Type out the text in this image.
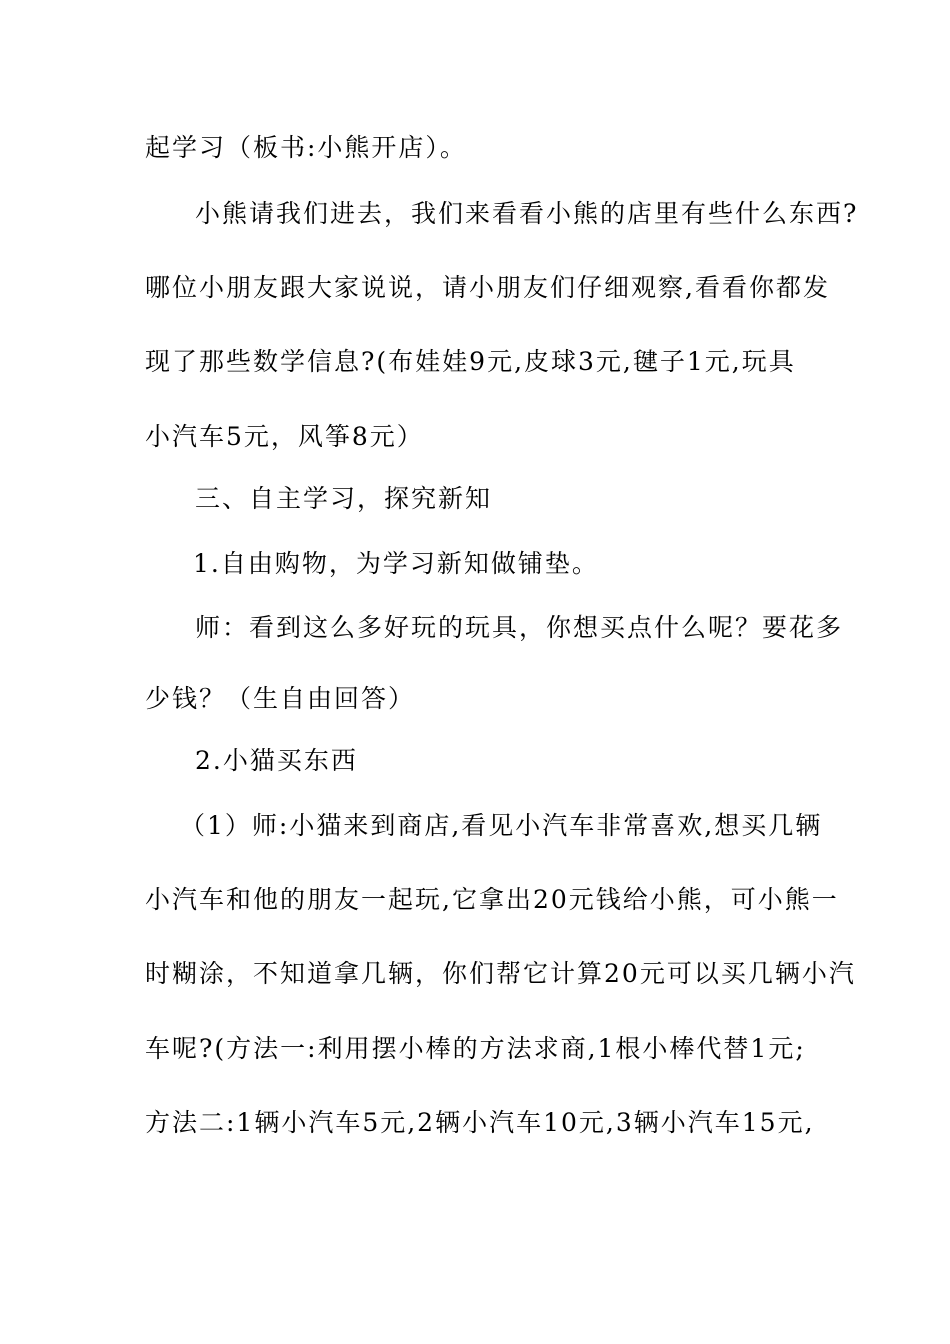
起学习（板书:小熊开店）。
小熊请我们进去，我们来看看小熊的店里有些什么东西?
哪位小朋友跟大家说说，请小朋友们仔细观察,看看你都发
现了那些数学信息?(布娃娃9元,皮球3元,毽子1元,玩具
小汽车5元，风筝8元）
三、自主学习，探究新知
1.自由购物，为学习新知做铺垫。
师：看到这么多好玩的玩具，你想买点什么呢？要花多
少钱？（生自由回答）
2.小猫买东西
（1）师:小猫来到商店,看见小汽车非常喜欢,想买几辆
小汽车和他的朋友一起玩,它拿出20元钱给小熊，可小熊一
时糊涂，不知道拿几辆，你们帮它计算20元可以买几辆小汽
车呢?(方法一:利用摆小棒的方法求商,1根小棒代替1元;
方法二:1辆小汽车5元,2辆小汽车10元,3辆小汽车15元,
